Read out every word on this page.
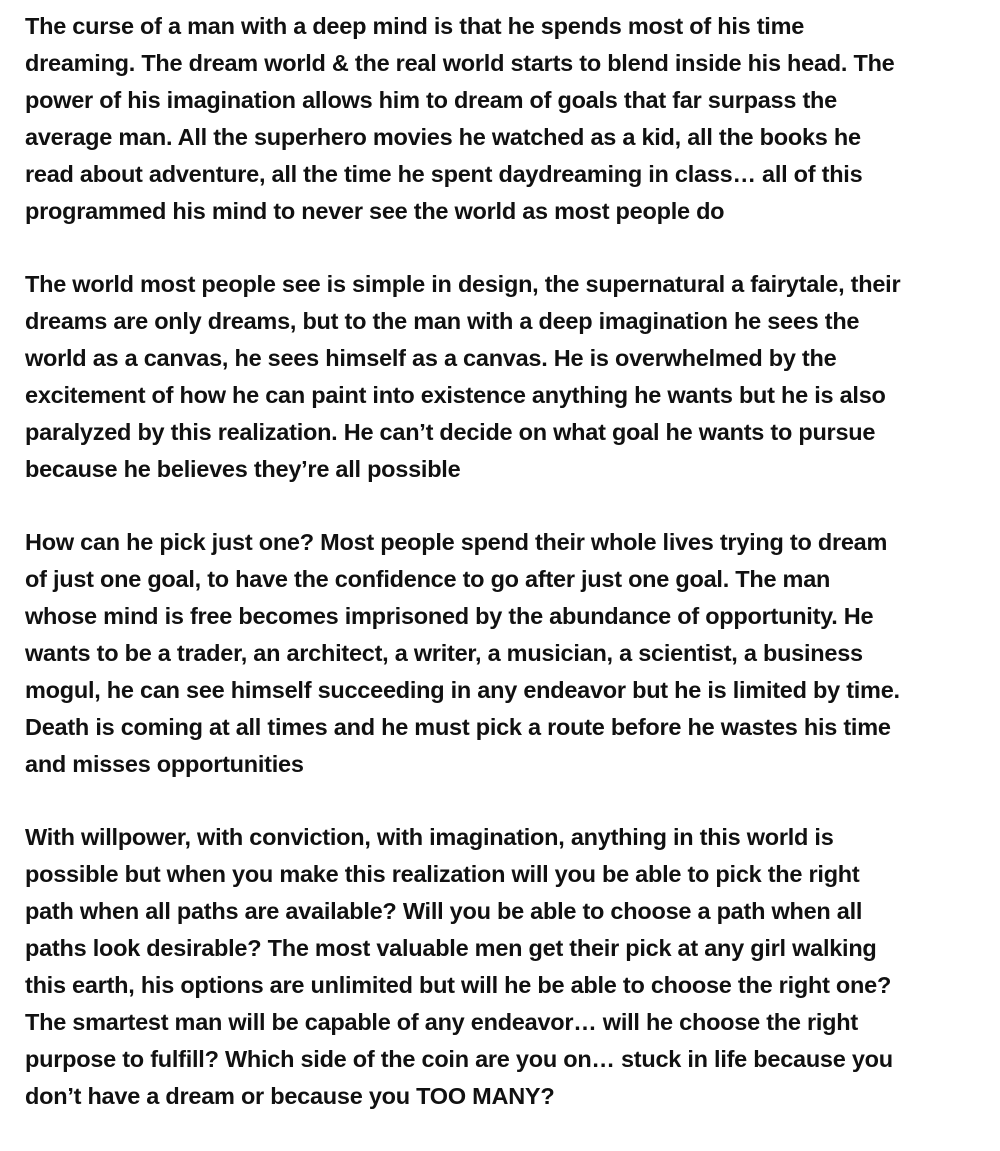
The curse of a man with a deep mind is that he spends most of his time
dreaming. The dream world & the real world starts to blend inside his head. The
power of his imagination allows him to dream of goals that far surpass the
average man. All the superhero movies he watched as a kid, all the books he
read about adventure, all the time he spent daydreaming in class… all of this
programmed his mind to never see the world as most people do
The world most people see is simple in design, the supernatural a fairytale, their
dreams are only dreams, but to the man with a deep imagination he sees the
world as a canvas, he sees himself as a canvas. He is overwhelmed by the
excitement of how he can paint into existence anything he wants but he is also
paralyzed by this realization. He can’t decide on what goal he wants to pursue
because he believes they’re all possible
How can he pick just one? Most people spend their whole lives trying to dream
of just one goal, to have the confidence to go after just one goal. The man
whose mind is free becomes imprisoned by the abundance of opportunity. He
wants to be a trader, an architect, a writer, a musician, a scientist, a business
mogul, he can see himself succeeding in any endeavor but he is limited by time.
Death is coming at all times and he must pick a route before he wastes his time
and misses opportunities
With willpower, with conviction, with imagination, anything in this world is
possible but when you make this realization will you be able to pick the right
path when all paths are available? Will you be able to choose a path when all
paths look desirable? The most valuable men get their pick at any girl walking
this earth, his options are unlimited but will he be able to choose the right one?
The smartest man will be capable of any endeavor… will he choose the right
purpose to fulfill? Which side of the coin are you on… stuck in life because you
don’t have a dream or because you TOO MANY?
